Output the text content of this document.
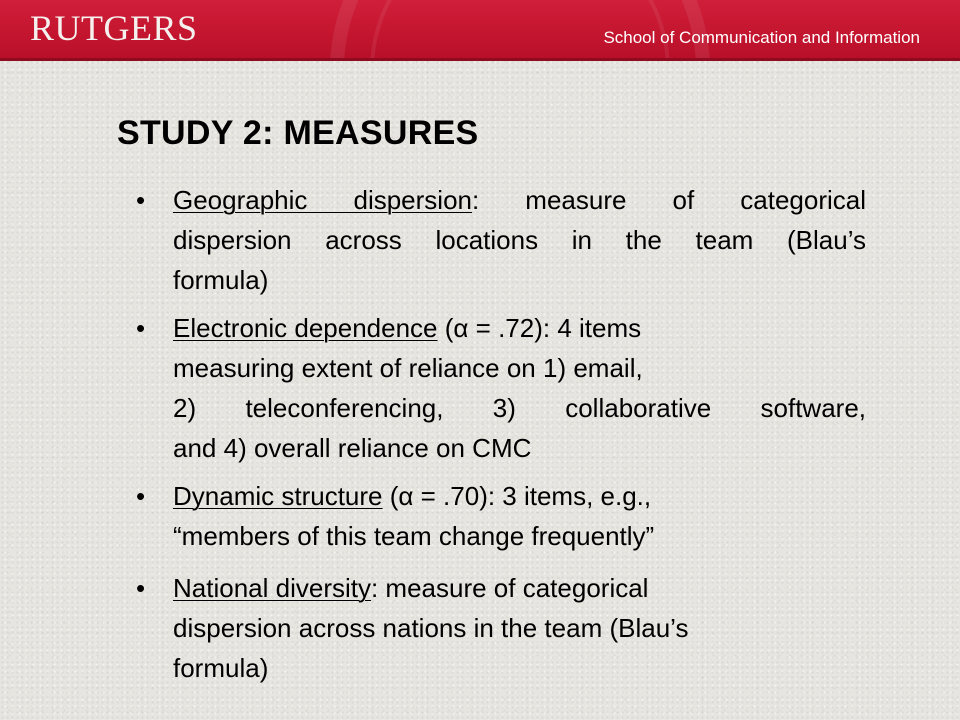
RUTGERS	School of Communication and Information
STUDY 2: MEASURES
• Geographic dispersion: measure of categorical
dispersion across locations in the team (Blau’s
formula)
• Electronic dependence (α = .72): 4 items
measuring extent of reliance on 1) email,
2) teleconferencing, 3) collaborative software,
and 4) overall reliance on CMC
• Dynamic structure (α = .70): 3 items, e.g.,
“members of this team change frequently”
• National diversity: measure of categorical
dispersion across nations in the team (Blau’s
formula)
